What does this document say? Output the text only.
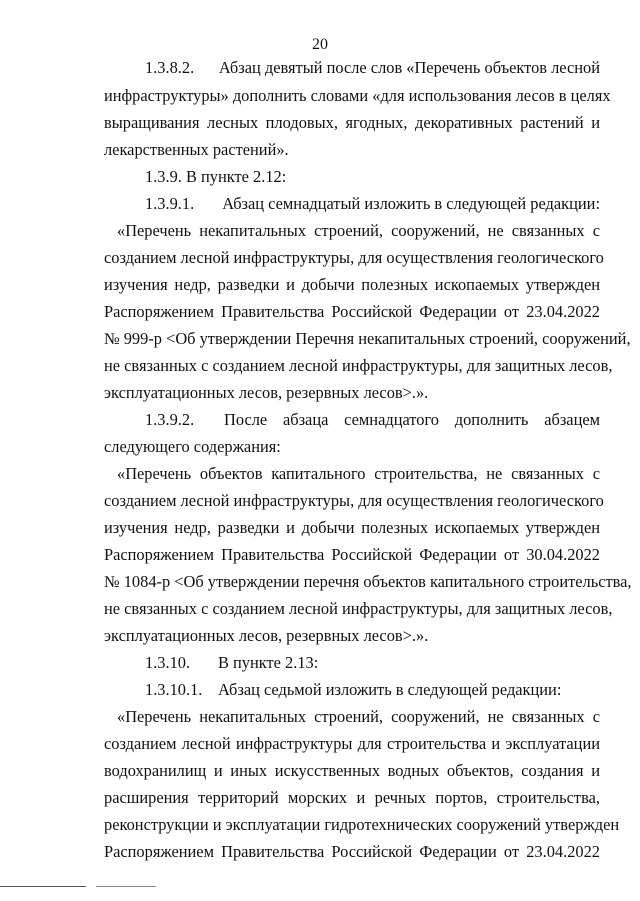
20
1.3.8.2.	Абзац девятый после слов «Перечень объектов лесной
инфраструктуры» дополнить словами «для использования лесов в целях
выращивания лесных плодовых, ягодных, декоративных растений и
лекарственных растений».
1.3.9. В пункте 2.12:
1.3.9.1.	Абзац семнадцатый изложить в следующей редакции:
«Перечень некапитальных строений, сооружений, не связанных с
созданием лесной инфраструктуры, для осуществления геологического
изучения недр, разведки и добычи полезных ископаемых утвержден
Распоряжением Правительства Российской Федерации от 23.04.2022
№ 999-р <Об утверждении Перечня некапитальных строений, сооружений,
не связанных с созданием лесной инфраструктуры, для защитных лесов,
эксплуатационных лесов, резервных лесов>.».
1.3.9.2.	После абзаца семнадцатого дополнить абзацем
следующего содержания:
«Перечень объектов капитального строительства, не связанных с
созданием лесной инфраструктуры, для осуществления геологического
изучения недр, разведки и добычи полезных ископаемых утвержден
Распоряжением Правительства Российской Федерации от 30.04.2022
№ 1084-р <Об утверждении перечня объектов капитального строительства,
не связанных с созданием лесной инфраструктуры, для защитных лесов,
эксплуатационных лесов, резервных лесов>.».
1.3.10.	В пункте 2.13:
1.3.10.1. Абзац седьмой изложить в следующей редакции:
«Перечень некапитальных строений, сооружений, не связанных с
созданием лесной инфраструктуры для строительства и эксплуатации
водохранилищ и иных искусственных водных объектов, создания и
расширения территорий морских и речных портов, строительства,
реконструкции и эксплуатации гидротехнических сооружений утвержден
Распоряжением Правительства Российской Федерации от 23.04.2022
